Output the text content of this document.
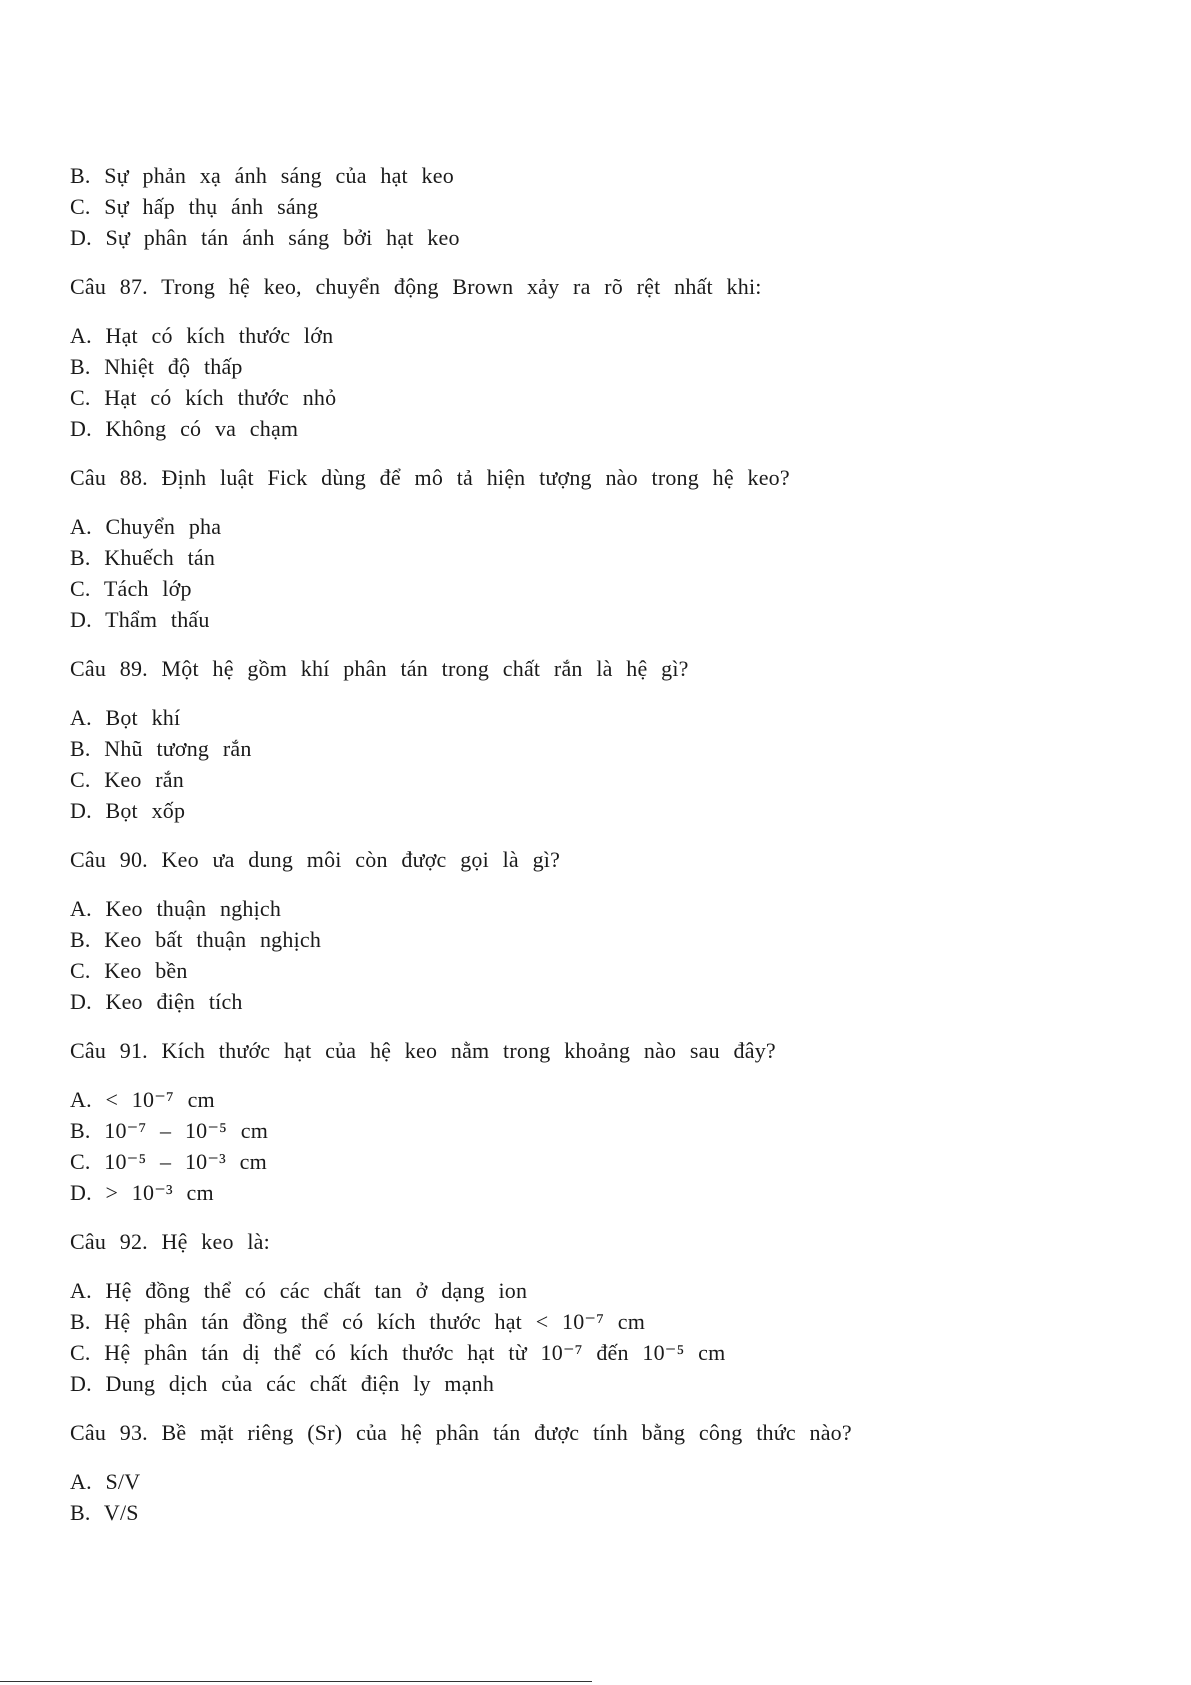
B. Sự phản xạ ánh sáng của hạt keo
C. Sự hấp thụ ánh sáng
D. Sự phân tán ánh sáng bởi hạt keo
Câu 87. Trong hệ keo, chuyển động Brown xảy ra rõ rệt nhất khi:
A. Hạt có kích thước lớn
B. Nhiệt độ thấp
C. Hạt có kích thước nhỏ
D. Không có va chạm
Câu 88. Định luật Fick dùng để mô tả hiện tượng nào trong hệ keo?
A. Chuyển pha
B. Khuếch tán
C. Tách lớp
D. Thẩm thấu
Câu 89. Một hệ gồm khí phân tán trong chất rắn là hệ gì?
A. Bọt khí
B. Nhũ tương rắn
C. Keo rắn
D. Bọt xốp
Câu 90. Keo ưa dung môi còn được gọi là gì?
A. Keo thuận nghịch
B. Keo bất thuận nghịch
C. Keo bền
D. Keo điện tích
Câu 91. Kích thước hạt của hệ keo nằm trong khoảng nào sau đây?
A. < 10⁻⁷ cm
B. 10⁻⁷ – 10⁻⁵ cm
C. 10⁻⁵ – 10⁻³ cm
D. > 10⁻³ cm
Câu 92. Hệ keo là:
A. Hệ đồng thể có các chất tan ở dạng ion
B. Hệ phân tán đồng thể có kích thước hạt < 10⁻⁷ cm
C. Hệ phân tán dị thể có kích thước hạt từ 10⁻⁷ đến 10⁻⁵ cm
D. Dung dịch của các chất điện ly mạnh
Câu 93. Bề mặt riêng (Sr) của hệ phân tán được tính bằng công thức nào?
A. S/V
B. V/S
